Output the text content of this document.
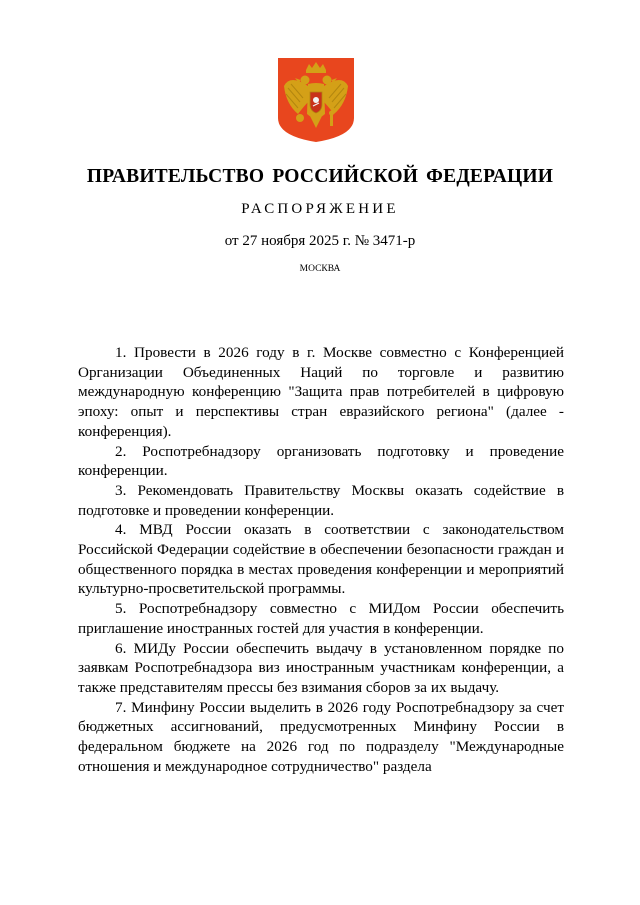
ПРАВИТЕЛЬСТВО РОССИЙСКОЙ ФЕДЕРАЦИИ
РАСПОРЯЖЕНИЕ
от 27 ноября 2025 г. № 3471-р
МОСКВА

1. Провести в 2026 году в г. Москве совместно с Конференцией Организации Объединенных Наций по торговле и развитию международную конференцию "Защита прав потребителей в цифровую эпоху: опыт и перспективы стран евразийского региона" (далее - конференция).

2. Роспотребнадзору организовать подготовку и проведение конференции.

3. Рекомендовать Правительству Москвы оказать содействие в подготовке и проведении конференции.

4. МВД России оказать в соответствии с законодательством Российской Федерации содействие в обеспечении безопасности граждан и общественного порядка в местах проведения конференции и мероприятий культурно-просветительской программы.

5. Роспотребнадзору совместно с МИДом России обеспечить приглашение иностранных гостей для участия в конференции.

6. МИДу России обеспечить выдачу в установленном порядке по заявкам Роспотребнадзора виз иностранным участникам конференции, а также представителям прессы без взимания сборов за их выдачу.

7. Минфину России выделить в 2026 году Роспотребнадзору за счет бюджетных ассигнований, предусмотренных Минфину России в федеральном бюджете на 2026 год по подразделу "Международные отношения и международное сотрудничество" раздела
